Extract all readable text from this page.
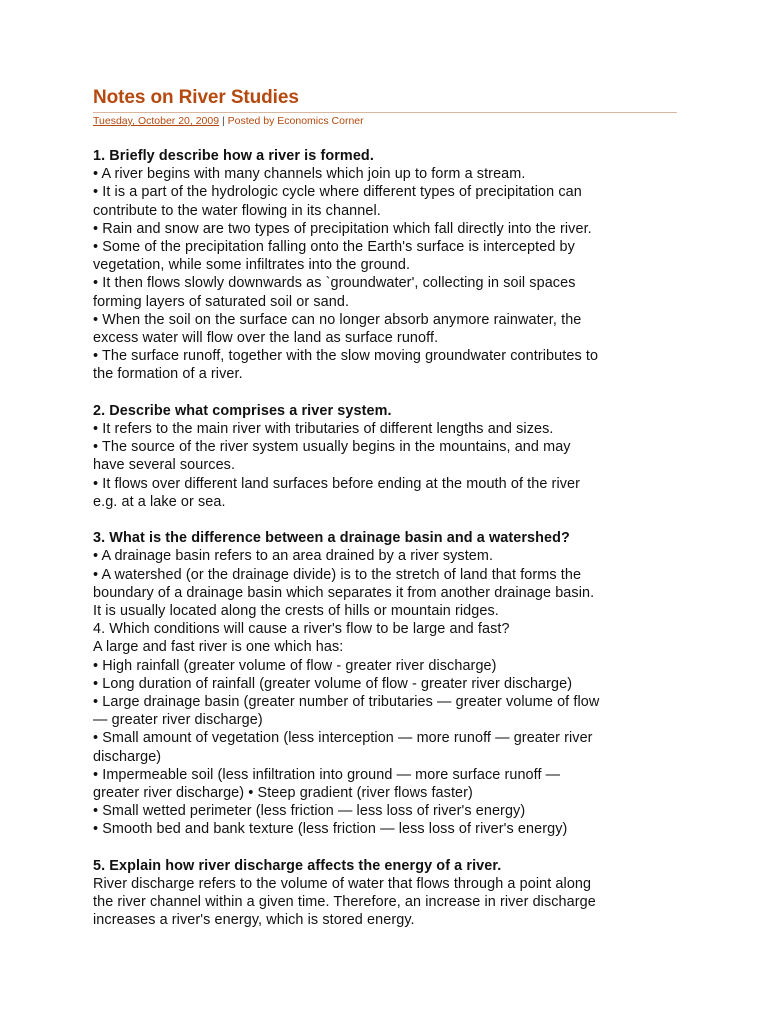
Notes on River Studies
Tuesday, October 20, 2009 | Posted by Economics Corner
1. Briefly describe how a river is formed.
• A river begins with many channels which join up to form a stream.
• It is a part of the hydrologic cycle where different types of precipitation can
contribute to the water flowing in its channel.
• Rain and snow are two types of precipitation which fall directly into the river.
• Some of the precipitation falling onto the Earth's surface is intercepted by
vegetation, while some infiltrates into the ground.
• It then flows slowly downwards as `groundwater', collecting in soil spaces
forming layers of saturated soil or sand.
• When the soil on the surface can no longer absorb anymore rainwater, the
excess water will flow over the land as surface runoff.
• The surface runoff, together with the slow moving groundwater contributes to
the formation of a river.
2. Describe what comprises a river system.
• It refers to the main river with tributaries of different lengths and sizes.
• The source of the river system usually begins in the mountains, and may
have several sources.
• It flows over different land surfaces before ending at the mouth of the river
e.g. at a lake or sea.
3. What is the difference between a drainage basin and a watershed?
• A drainage basin refers to an area drained by a river system.
• A watershed (or the drainage divide) is to the stretch of land that forms the
boundary of a drainage basin which separates it from another drainage basin.
It is usually located along the crests of hills or mountain ridges.
4. Which conditions will cause a river's flow to be large and fast?
A large and fast river is one which has:
• High rainfall (greater volume of flow - greater river discharge)
• Long duration of rainfall (greater volume of flow - greater river discharge)
• Large drainage basin (greater number of tributaries — greater volume of flow
— greater river discharge)
• Small amount of vegetation (less interception — more runoff — greater river
discharge)
• Impermeable soil (less infiltration into ground — more surface runoff —
greater river discharge) • Steep gradient (river flows faster)
• Small wetted perimeter (less friction — less loss of river's energy)
• Smooth bed and bank texture (less friction — less loss of river's energy)
5. Explain how river discharge affects the energy of a river.
River discharge refers to the volume of water that flows through a point along
the river channel within a given time. Therefore, an increase in river discharge
increases a river's energy, which is stored energy.
